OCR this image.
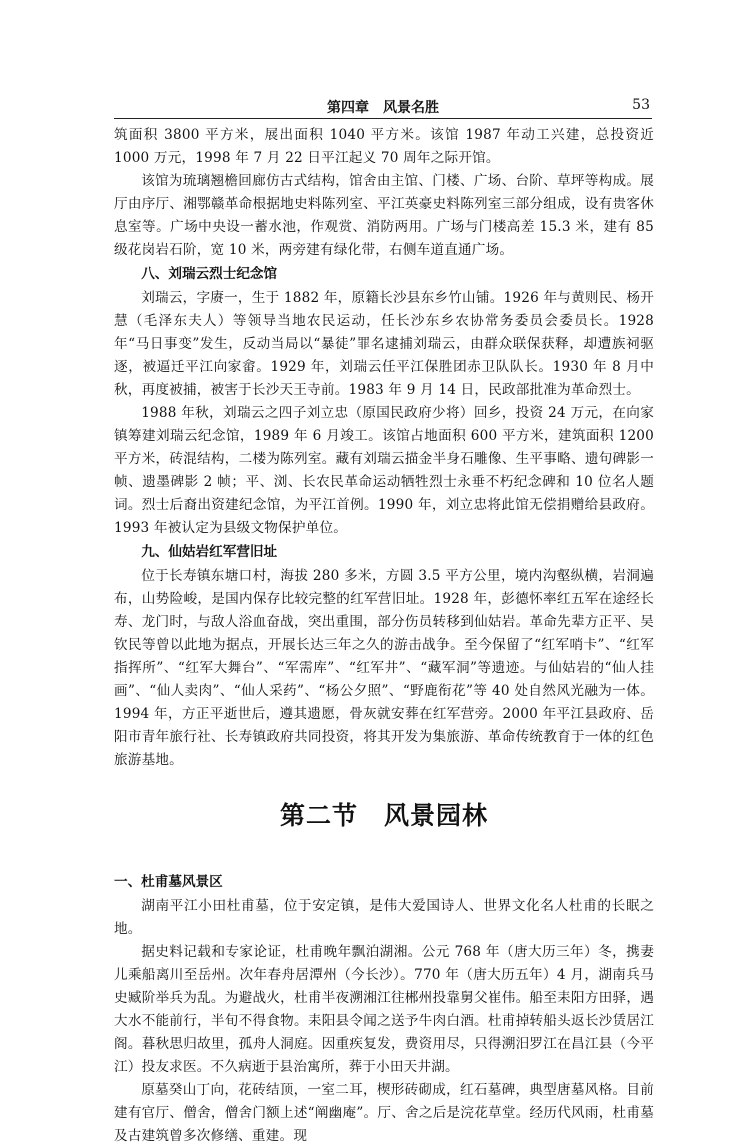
第四章　风景名胜	53

筑面积 3800 平方米，展出面积 1040 平方米。该馆 1987 年动工兴建，总投资近 1000 万元，1998 年 7 月 22 日平江起义 70 周年之际开馆。

该馆为琉璃翘檐回廊仿古式结构，馆舍由主馆、门楼、广场、台阶、草坪等构成。展厅由序厅、湘鄂赣革命根据地史料陈列室、平江英豪史料陈列室三部分组成，设有贵客休息室等。广场中央设一蓄水池，作观赏、消防两用。广场与门楼高差 15.3 米，建有 85 级花岗岩石阶，宽 10 米，两旁建有绿化带，右侧车道直通广场。

八、刘瑞云烈士纪念馆

刘瑞云，字赓一，生于 1882 年，原籍长沙县东乡竹山铺。1926 年与黄则民、杨开慧（毛泽东夫人）等领导当地农民运动，任长沙东乡农协常务委员会委员长。1928 年“马日事变”发生，反动当局以“暴徒”罪名逮捕刘瑞云，由群众联保获释，却遭族祠驱逐，被逼迁平江向家畲。1929 年，刘瑞云任平江保胜团赤卫队队长。1930 年 8 月中秋，再度被捕，被害于长沙天王寺前。1983 年 9 月 14 日，民政部批准为革命烈士。

1988 年秋，刘瑞云之四子刘立忠（原国民政府少将）回乡，投资 24 万元，在向家镇筹建刘瑞云纪念馆，1989 年 6 月竣工。该馆占地面积 600 平方米，建筑面积 1200 平方米，砖混结构，二楼为陈列室。藏有刘瑞云描金半身石雕像、生平事略、遗句碑影一帧、遗墨碑影 2 帧；平、浏、长农民革命运动牺牲烈士永垂不朽纪念碑和 10 位名人题词。烈士后裔出资建纪念馆，为平江首例。1990 年，刘立忠将此馆无偿捐赠给县政府。1993 年被认定为县级文物保护单位。

九、仙姑岩红军营旧址

位于长寿镇东塘口村，海拔 280 多米，方圆 3.5 平方公里，境内沟壑纵横，岩洞遍布，山势险峻，是国内保存比较完整的红军营旧址。1928 年，彭德怀率红五军在途经长寿、龙门时，与敌人浴血奋战，突出重围，部分伤员转移到仙姑岩。革命先辈方正平、吴钦民等曾以此地为据点，开展长达三年之久的游击战争。至今保留了“红军哨卡”、“红军指挥所”、“红军大舞台”、“军需库”、“红军井”、“藏军洞”等遗迹。与仙姑岩的“仙人挂画”、“仙人卖肉”、“仙人采药”、“杨公夕照”、“野鹿衔花”等 40 处自然风光融为一体。1994 年，方正平逝世后，遵其遗愿，骨灰就安葬在红军营旁。2000 年平江县政府、岳阳市青年旅行社、长寿镇政府共同投资，将其开发为集旅游、革命传统教育于一体的红色旅游基地。

第二节 风景园林
一、杜甫墓风景区

湖南平江小田杜甫墓，位于安定镇，是伟大爱国诗人、世界文化名人杜甫的长眠之地。

据史料记载和专家论证，杜甫晚年飘泊湖湘。公元 768 年（唐大历三年）冬，携妻儿乘船离川至岳州。次年春舟居潭州（今长沙）。770 年（唐大历五年）4 月，湖南兵马史臧阶举兵为乱。为避战火，杜甫半夜溯湘江往郴州投靠舅父崔伟。船至耒阳方田驿，遇大水不能前行，半旬不得食物。耒阳县令闻之送予牛肉白酒。杜甫掉转船头返长沙赁居江阁。暮秋思归故里，孤舟人洞庭。因重疾复发，费资用尽，只得溯汨罗江在昌江县（今平江）投友求医。不久病逝于县治寓所，葬于小田天井湖。

原墓癸山丁向，花砖结顶，一室二耳，楔形砖砌成，红石墓碑，典型唐墓风格。目前建有官厅、僧舍，僧舍门额上述“阐幽庵”。厅、舍之后是浣花草堂。经历代风雨，杜甫墓及古建筑曾多次修缮、重建。现
